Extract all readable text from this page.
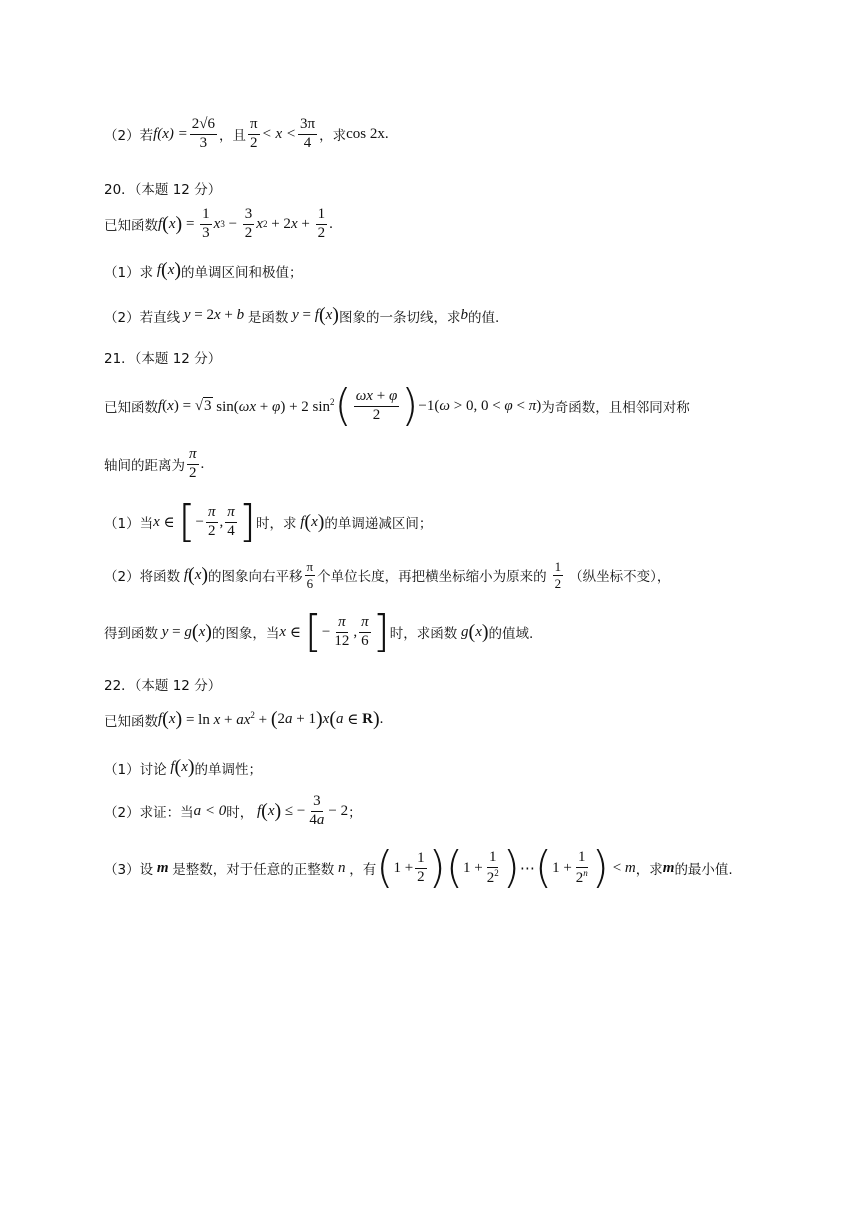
（2）若 $f(x) = \frac{2√6}{3}$ ，且 $\frac{\pi}{2} < x < \frac{3\pi}{4}$ ，求 cos 2x .
20．（本题 12 分）
已知函数 f ( x ) = $\frac{1}{3}$ x $3 - \frac{3}{2}$ x $2 + 2x + \frac{1}{2}$ .
（1）求 f ( x ) 的单调区间和极值；
（2）若直线 y = 2x + b 是函数 y = f ( x ) 图象的一条切线，求 b 的值.
21．（本题 12 分）
已知函数 f (x) = √3 sin(ωx + φ) + 2 $\sin^2$ ( $\frac{\omega x + \varphi}{2}$ ) −1(ω > 0, 0 < φ < π) 为奇函数，且相邻同对称
轴间的距离为 $\frac{\pi}{2}$ .
（1）当 x ∈ [ − $\frac{\pi}{2}$ , $\frac{\pi}{4}$ ] 时，求 f ( x ) 的单调递减区间；
（2）将函数 f ( x ) 的图象向右平移 $\frac{\pi}{6}$ 个单位长度，再把横坐标缩小为原来的 $\frac{1}{2}$ （纵坐标不变），
得到函数 y = g ( x ) 的图象，当 x ∈ [ − $\frac{\pi}{12}$ , $\frac{\pi}{6}$ ] 时，求函数 g ( x ) 的值域.
22．（本题 12 分）
已知函数 f ( x ) = $\ln x + ax^2$ + ( 2a + 1 ) x ( a ∈ R ) .
（1）讨论 f ( x ) 的单调性；
（2）求证：当 a < 0 时， f ( x ) ≤ − $\frac{3}{4a} - 2$ ；
（3）设 m 是整数，对于任意的正整数 n ，有 ( $1 + \frac{1}{2}$ ) ( $1 + \frac{1}{2^2}$ ) ⋯ ( $1 + \frac{1}{2^n}$ ) < m ，求 m 的最小值.
